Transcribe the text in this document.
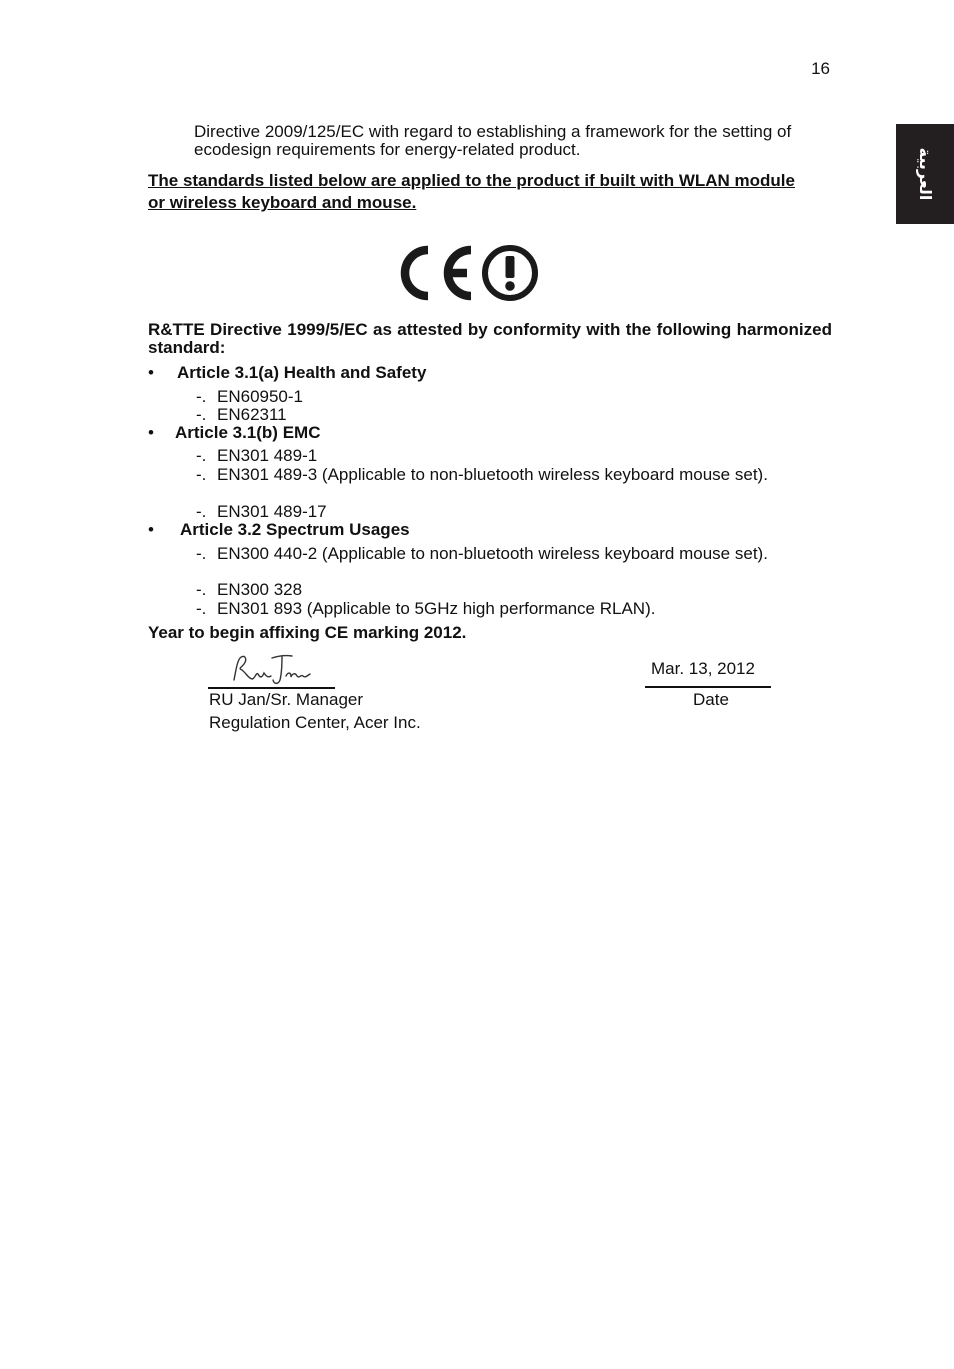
16
العربية
Directive 2009/125/EC with regard to establishing a framework for the setting of ecodesign requirements for energy-related product.
The standards listed below are applied to the product if built with WLAN module or wireless keyboard and mouse.
R&TTE Directive 1999/5/EC as attested by conformity with the following harmonized standard:
• Article 3.1(a) Health and Safety
-. EN60950-1
-. EN62311
• Article 3.1(b) EMC
-. EN301 489-1
-. EN301 489-3 (Applicable to non-bluetooth wireless keyboard mouse set).
-. EN301 489-17
• Article 3.2 Spectrum Usages
-. EN300 440-2 (Applicable to non-bluetooth wireless keyboard mouse set).
-. EN300 328
-. EN301 893 (Applicable to 5GHz high performance RLAN).
Year to begin affixing CE marking 2012.
RU Jan/Sr. Manager
Regulation Center, Acer Inc.
Mar. 13, 2012
Date
